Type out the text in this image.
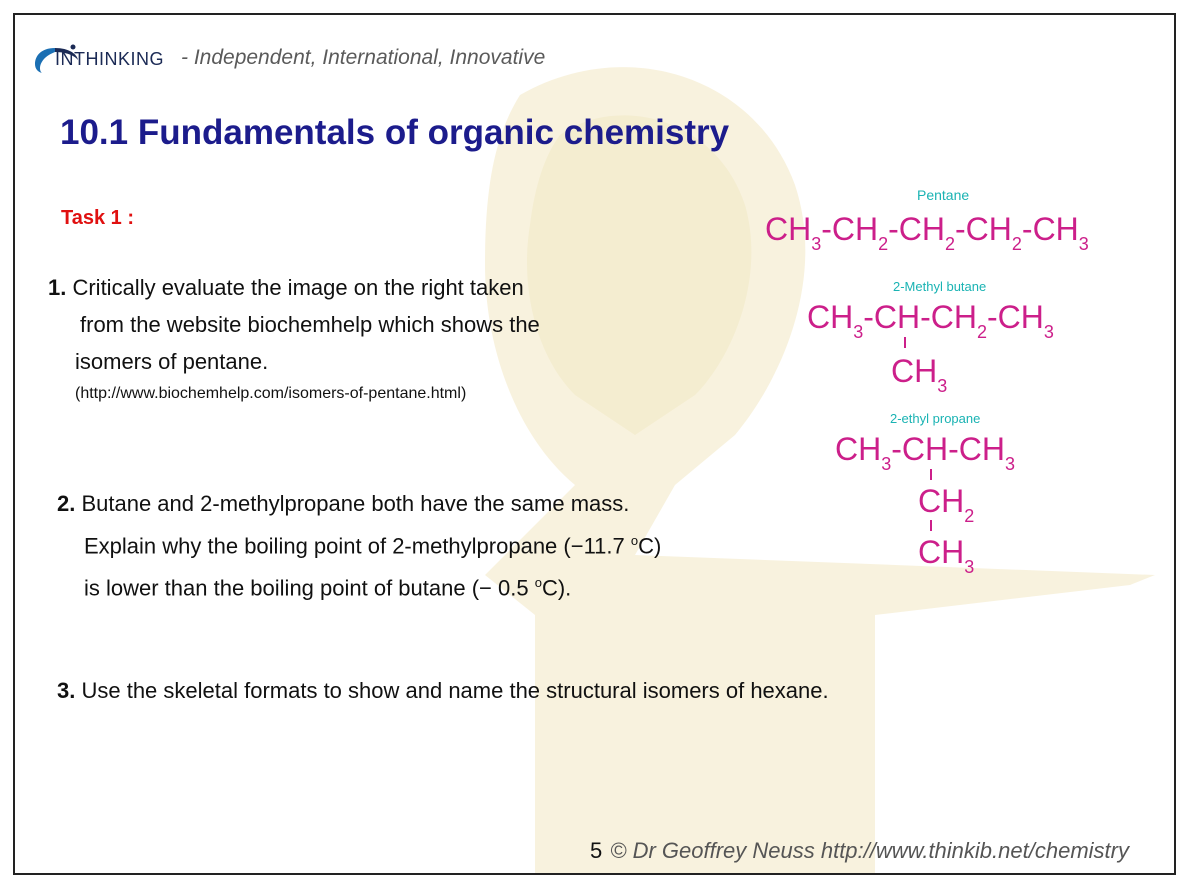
INTHINKING - Independent, International, Innovative
10.1 Fundamentals of organic chemistry
Task 1 :
1. Critically evaluate the image on the right taken
from the website biochemhelp which shows the
isomers of pentane.
(http://www.biochemhelp.com/isomers-of-pentane.html)
2. Butane and 2-methylpropane both have the same mass.
Explain why the boiling point of 2-methylpropane (−11.7 $^o$C)
is lower than the boiling point of butane (− 0.5 $^o$C).
3. Use the skeletal formats to show and name the structural isomers of hexane.
Pentane
$CH_3-CH_2-CH_2-CH_2-CH_3$
2-Methyl butane
$CH_3-CH-CH_2-CH_3$
$CH_3$
2-ethyl propane
$CH_3-CH-CH_3$
$CH_2$
$CH_3$
5 © Dr Geoffrey Neuss http://www.thinkib.net/chemistry
